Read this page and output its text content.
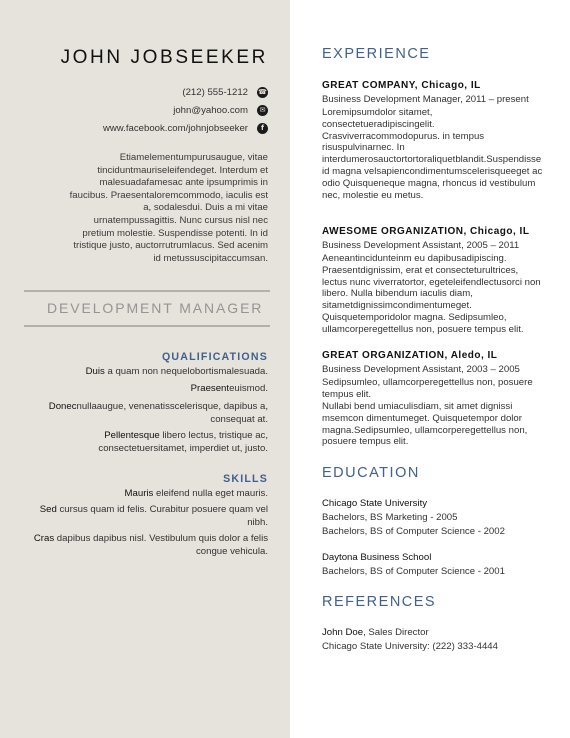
JOHN JOBSEEKER
(212) 555-1212 ☎
john@yahoo.com	✉
www.facebook.com/johnjobseeker	f
Etiamelementumpurusaugue, vitae tinciduntmauriseleifendeget. Interdum et malesuadafamesac ante ipsumprimis in faucibus. Praesentaloremcommodo, iaculis est a, sodalesdui. Duis a mi vitae urnatempussagittis. Nunc cursus nisl nec pretium molestie. Suspendisse potenti. In id tristique justo, auctorrutrumlacus. Sed acenim id metussuscipitaccumsan.
DEVELOPMENT MANAGER
QUALIFICATIONS
Duis a quam non nequelobortismalesuada.
Praesenteuismod.
Donecnullaaugue, venenatisscelerisque, dapibus a, consequat at.
Pellentesque libero lectus, tristique ac, consectetuersitamet, imperdiet ut, justo.
SKILLS
Mauris eleifend nulla eget mauris.
Sed cursus quam id felis. Curabitur posuere quam vel nibh.
Cras dapibus dapibus nisl. Vestibulum quis dolor a felis congue vehicula.
EXPERIENCE
GREAT COMPANY, Chicago, IL
Business Development Manager, 2011 – present
Loremipsumdolor sitamet, consectetueradipiscingelit. Crasviverracommodopurus. in tempus risuspulvinarnec. In interdumerosauctortortoraliquetblandit.Suspendisse id magna velsapiencondimentumscelerisqueeget ac odio Quisqueneque magna, rhoncus id vestibulum nec, molestie eu metus.
AWESOME ORGANIZATION, Chicago, IL
Business Development Assistant, 2005 – 2011
Aeneantincidunteinm eu dapibusadipiscing. Praesentdignissim, erat et consecteturultrices, lectus nunc viverratortor, egeteleifendlectusorci non libero. Nulla bibendum iaculis diam, sitametdignissimcondimentumeget. Quisquetemporidolor magna. Sedipsumleo, ullamcorperegettellus non, posuere tempus elit.
GREAT ORGANIZATION, Aledo, IL
Business Development Assistant, 2003 – 2005
Sedipsumleo, ullamcorperegettellus non, posuere tempus elit.
Nullabi bend umiaculisdiam, sit amet dignissi msemcon dimentumeget. Quisquetempor dolor magna.Sedipsumleo, ullamcorperegettellus non, posuere tempus elit.
EDUCATION
Chicago State University
Bachelors, BS Marketing - 2005
Bachelors, BS of Computer Science - 2002
Daytona Business School
Bachelors, BS of Computer Science - 2001
REFERENCES
John Doe, Sales Director
Chicago State University: (222) 333-4444
